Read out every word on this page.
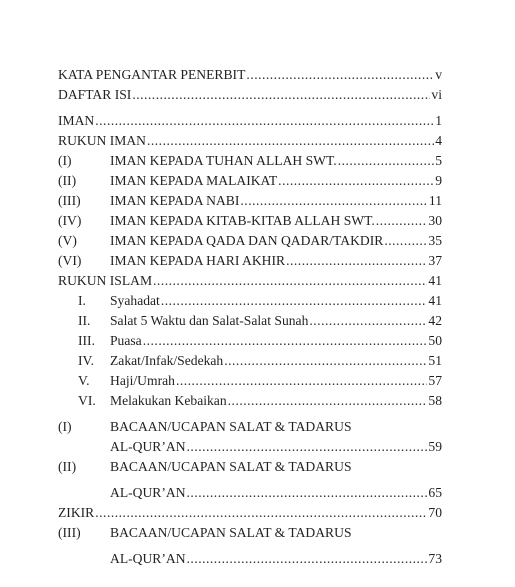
KATA PENGANTAR PENERBIT .....	v
DAFTAR ISI .....	vi
IMAN .....	1
RUKUN IMAN .....	4
(I)	IMAN KEPADA TUHAN ALLAH SWT. .....	5
(II)	IMAN KEPADA MALAIKAT .....	9
(III)	IMAN KEPADA NABI .....	11
(IV)	IMAN KEPADA KITAB-KITAB ALLAH SWT. .....	30
(V)	IMAN KEPADA QADA DAN QADAR/TAKDIR .....	35
(VI)	IMAN KEPADA HARI AKHIR .....	37
RUKUN ISLAM .....	41
I.	Syahadat .....	41
II.	Salat 5 Waktu dan Salat-Salat Sunah .....	42
III. Puasa .....	50
IV. Zakat/Infak/Sedekah .....	51
V.	Haji/Umrah .....	57
VI. Melakukan Kebaikan .....	58
(I)	BACAAN/UCAPAN SALAT & TADARUS
AL-QUR’AN .....	59
(II)	BACAAN/UCAPAN SALAT & TADARUS
AL-QUR’AN .....	65
ZIKIR .....	70
(III)	BACAAN/UCAPAN SALAT & TADARUS
AL-QUR’AN .....	73
